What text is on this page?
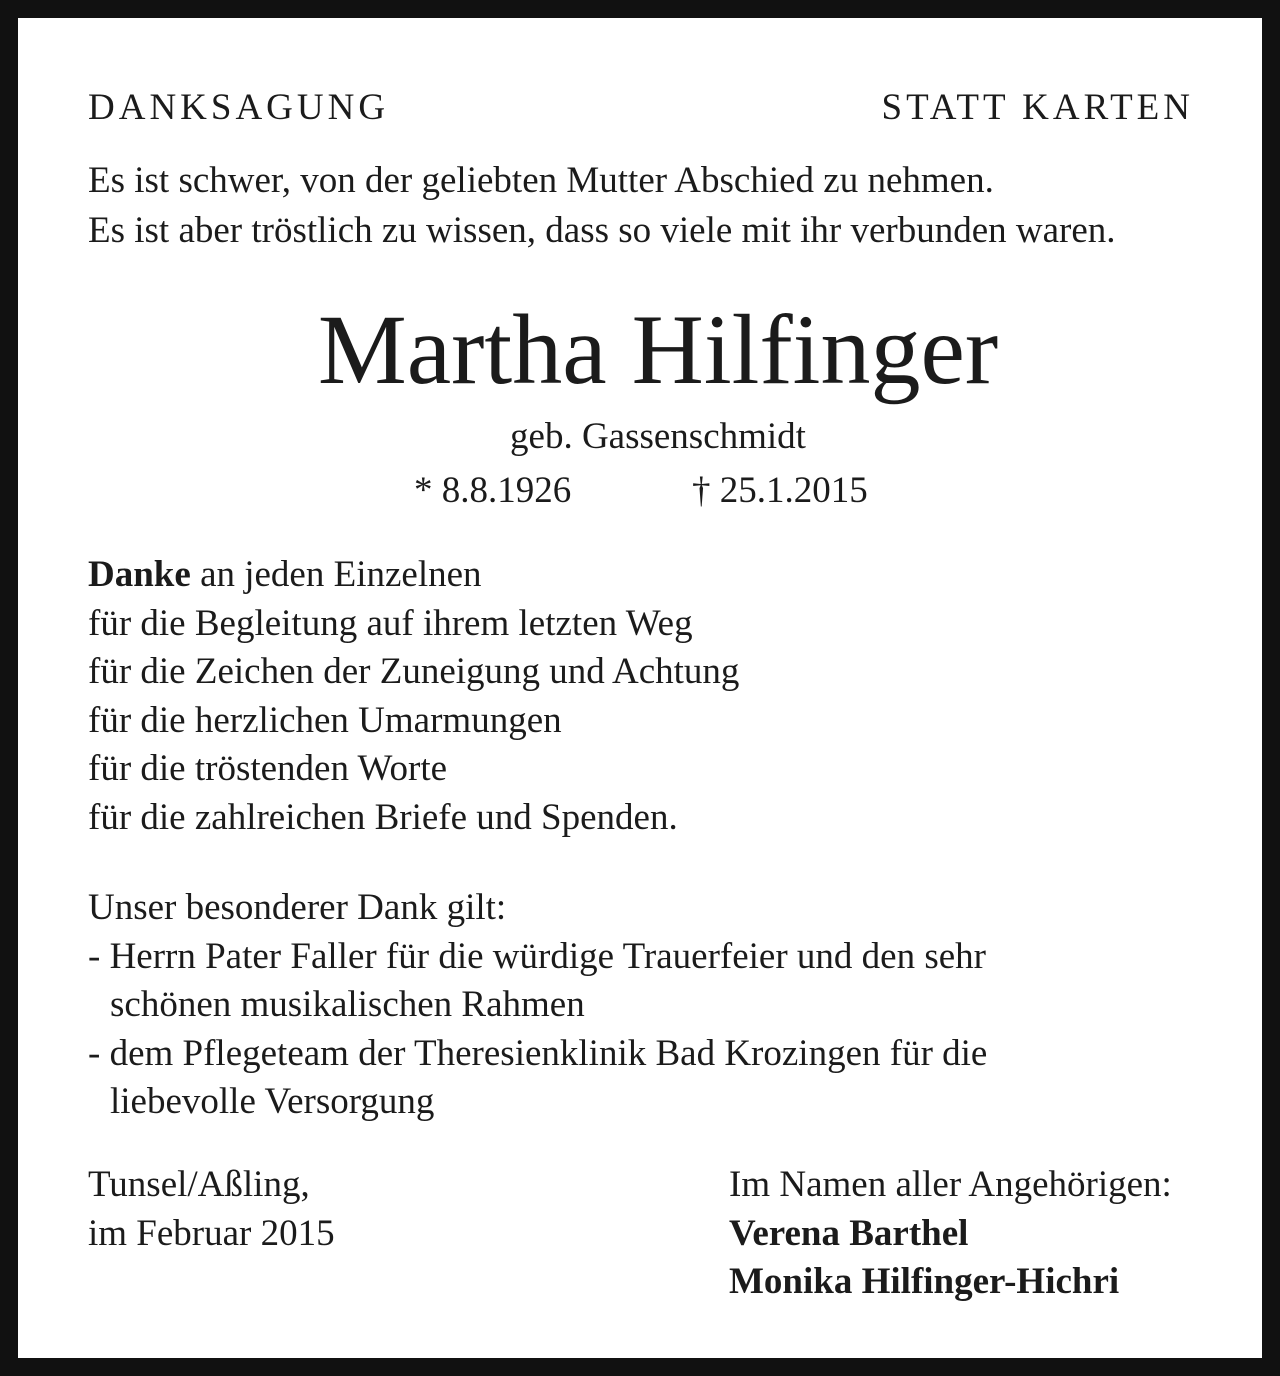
DANKSAGUNG	STATT KARTEN
Es ist schwer, von der geliebten Mutter Abschied zu nehmen.
Es ist aber tröstlich zu wissen, dass so viele mit ihr verbunden waren.
Martha Hilfinger
geb. Gassenschmidt
* 8.8.1926	† 25.1.2015
Danke an jeden Einzelnen
für die Begleitung auf ihrem letzten Weg
für die Zeichen der Zuneigung und Achtung
für die herzlichen Umarmungen
für die tröstenden Worte
für die zahlreichen Briefe und Spenden.
Unser besonderer Dank gilt:
- Herrn Pater Faller für die würdige Trauerfeier und den sehr
schönen musikalischen Rahmen
- dem Pflegeteam der Theresienklinik Bad Krozingen für die
liebevolle Versorgung
Tunsel/Aßling,
im Februar 2015
Im Namen aller Angehörigen:
Verena Barthel
Monika Hilfinger-Hichri
